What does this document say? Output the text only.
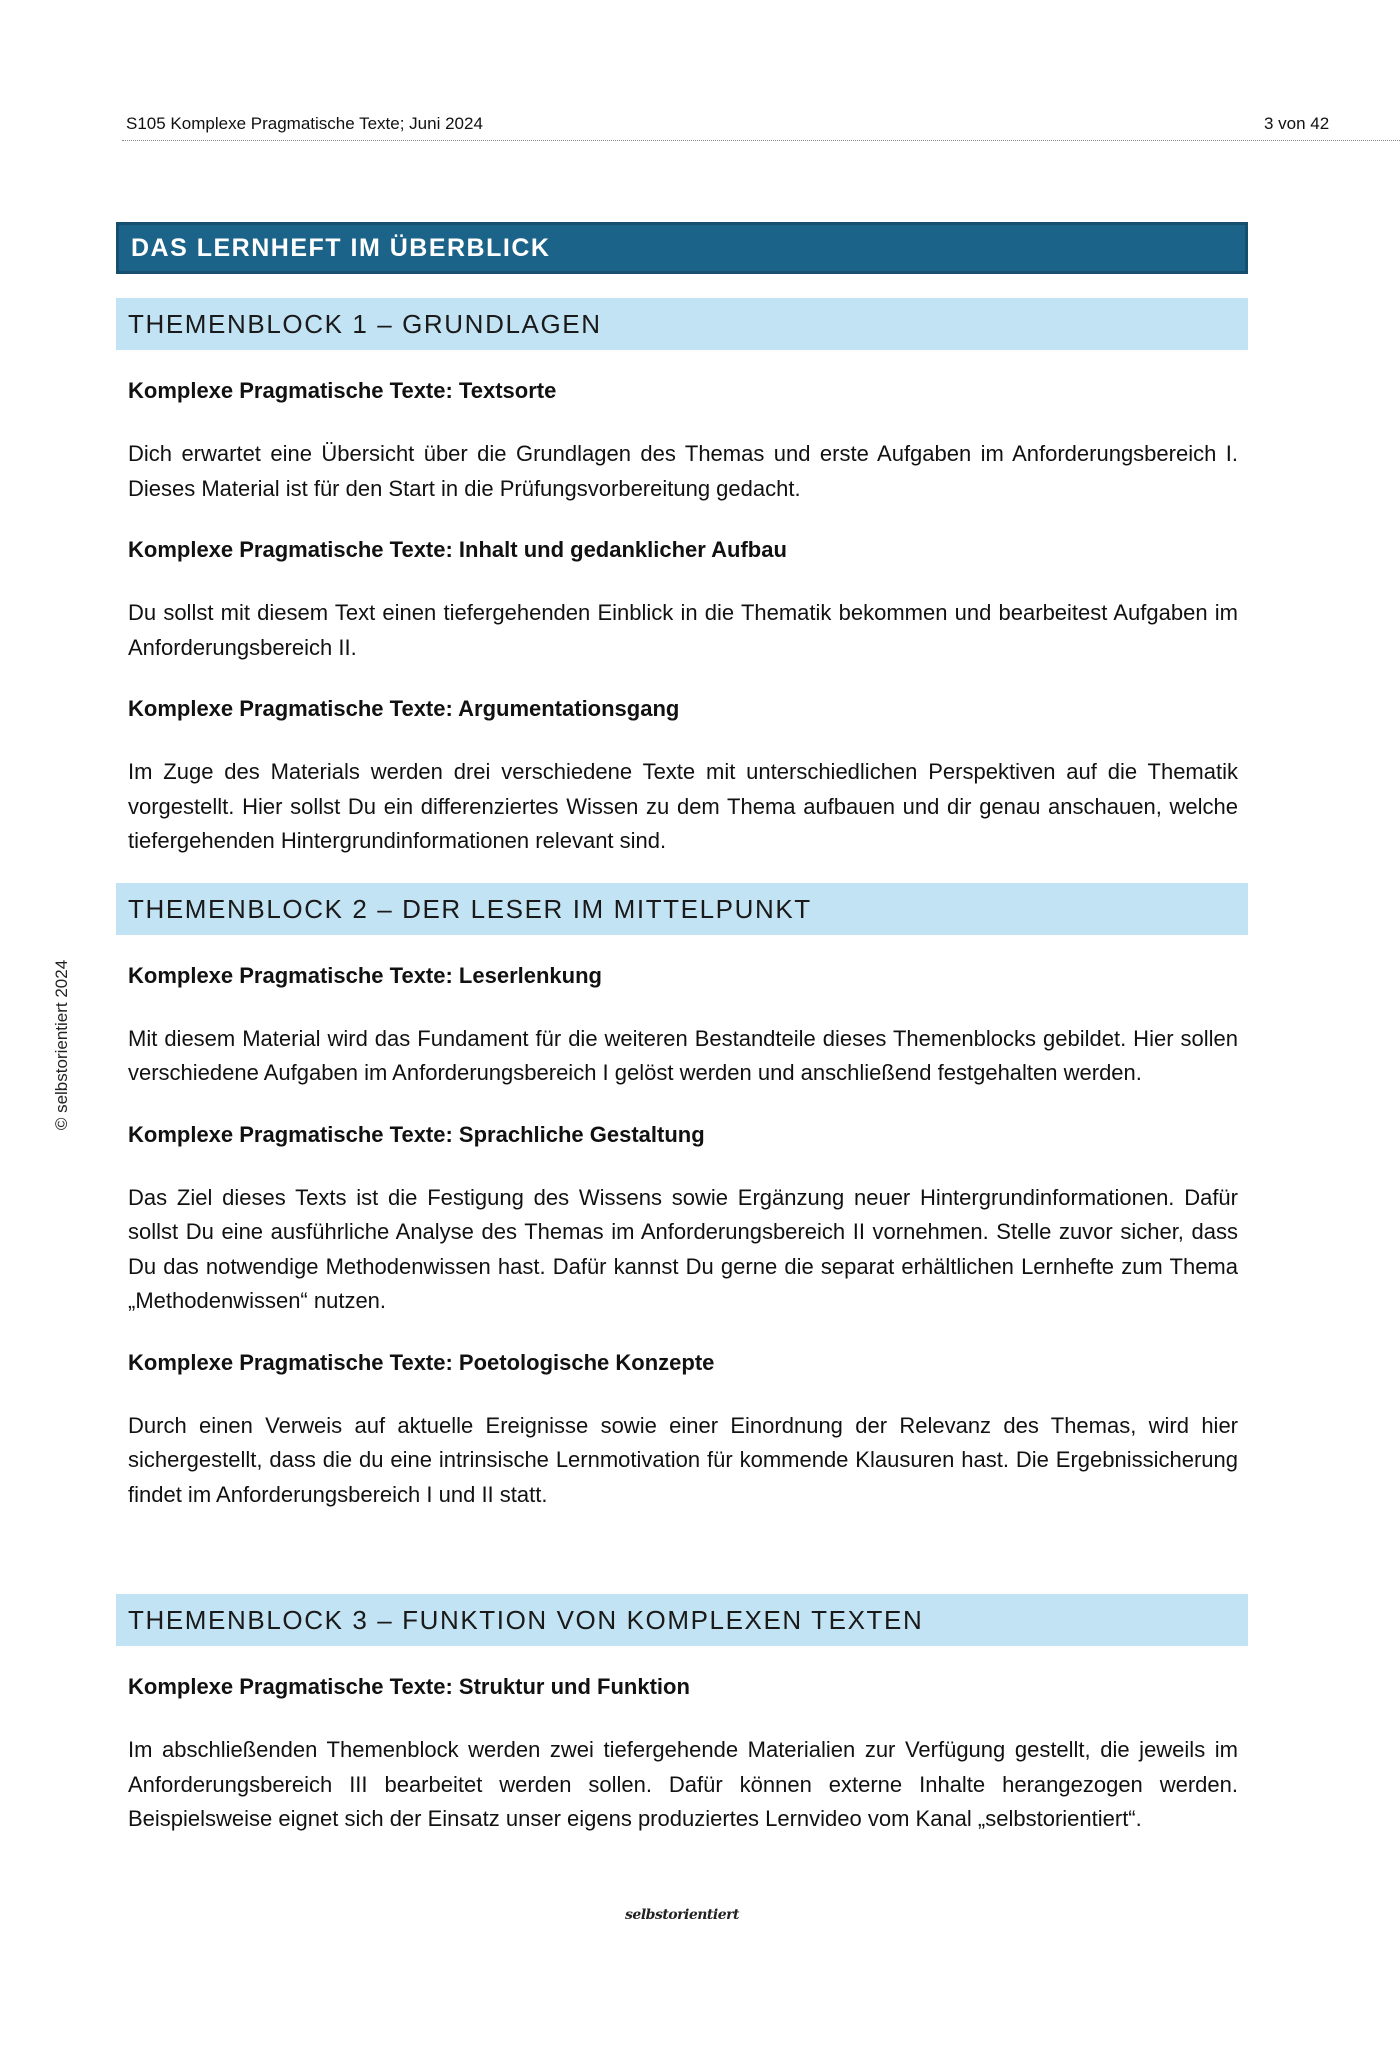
S105 Komplexe Pragmatische Texte; Juni 2024	3 von 42
© selbstorientiert 2024
DAS LERNHEFT IM ÜBERBLICK
THEMENBLOCK 1 – GRUNDLAGEN
Komplexe Pragmatische Texte: Textsorte
Dich erwartet eine Übersicht über die Grundlagen des Themas und erste Aufgaben im Anforderungsbereich I. Dieses Material ist für den Start in die Prüfungsvorbereitung gedacht.
Komplexe Pragmatische Texte: Inhalt und gedanklicher Aufbau
Du sollst mit diesem Text einen tiefergehenden Einblick in die Thematik bekommen und bearbeitest Aufgaben im Anforderungsbereich II.
Komplexe Pragmatische Texte: Argumentationsgang
Im Zuge des Materials werden drei verschiedene Texte mit unterschiedlichen Perspektiven auf die Thematik vorgestellt. Hier sollst Du ein differenziertes Wissen zu dem Thema aufbauen und dir genau anschauen, welche tiefergehenden Hintergrundinformationen relevant sind.
THEMENBLOCK 2 – DER LESER IM MITTELPUNKT
Komplexe Pragmatische Texte: Leserlenkung
Mit diesem Material wird das Fundament für die weiteren Bestandteile dieses Themenblocks gebildet. Hier sollen verschiedene Aufgaben im Anforderungsbereich I gelöst werden und anschließend festgehalten werden.
Komplexe Pragmatische Texte: Sprachliche Gestaltung
Das Ziel dieses Texts ist die Festigung des Wissens sowie Ergänzung neuer Hintergrundinformationen. Dafür sollst Du eine ausführliche Analyse des Themas im Anforderungsbereich II vornehmen. Stelle zuvor sicher, dass Du das notwendige Methodenwissen hast. Dafür kannst Du gerne die separat erhältlichen Lernhefte zum Thema „Methodenwissen“ nutzen.
Komplexe Pragmatische Texte: Poetologische Konzepte
Durch einen Verweis auf aktuelle Ereignisse sowie einer Einordnung der Relevanz des Themas, wird hier sichergestellt, dass die du eine intrinsische Lernmotivation für kommende Klausuren hast. Die Ergebnissicherung findet im Anforderungsbereich I und II statt.
THEMENBLOCK 3 – FUNKTION VON KOMPLEXEN TEXTEN
Komplexe Pragmatische Texte: Struktur und Funktion
Im abschließenden Themenblock werden zwei tiefergehende Materialien zur Verfügung gestellt, die jeweils im Anforderungsbereich III bearbeitet werden sollen. Dafür können externe Inhalte herangezogen werden. Beispielsweise eignet sich der Einsatz unser eigens produziertes Lernvideo vom Kanal „selbstorientiert“.
selbstorientiert
